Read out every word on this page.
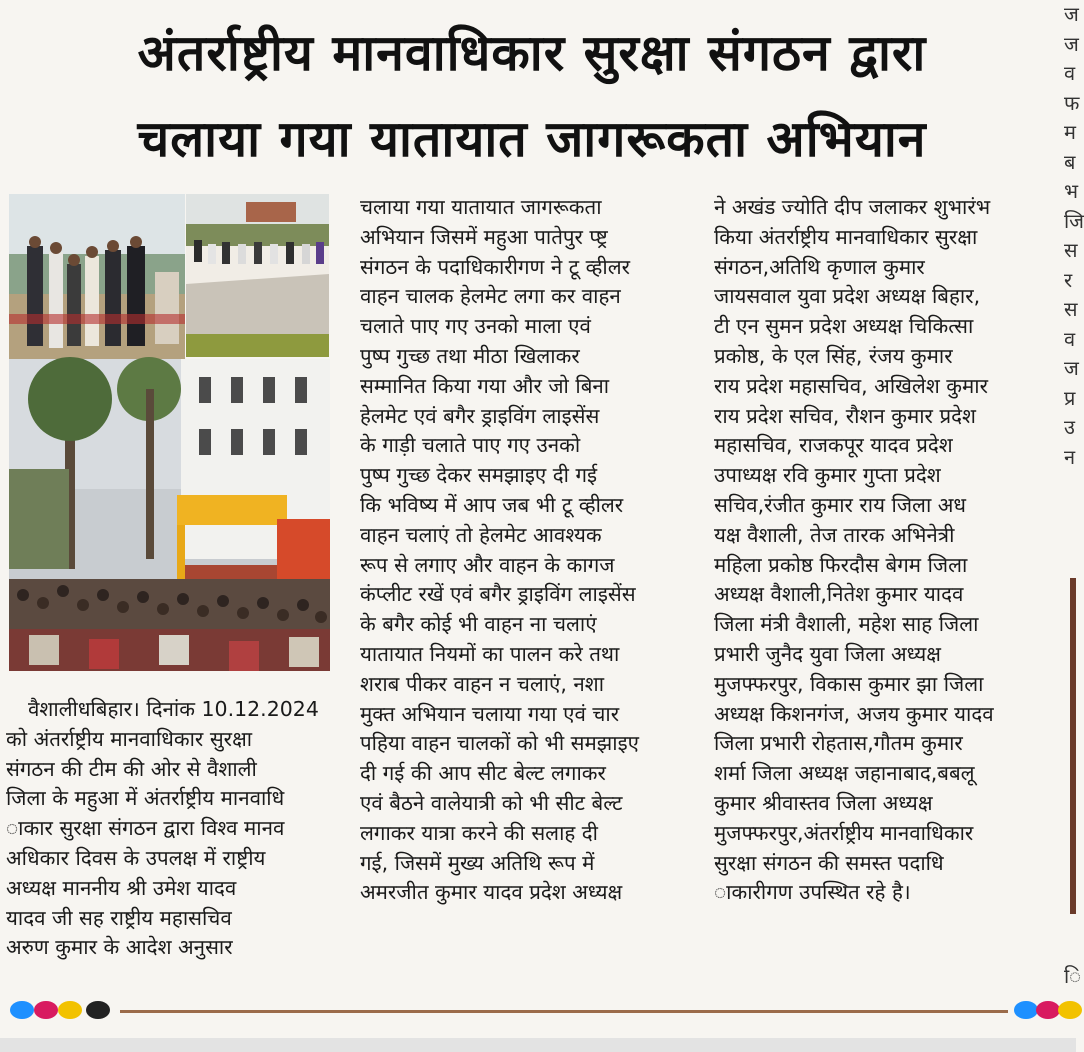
अंतर्राष्ट्रीय मानवाधिकार सुरक्षा संगठन द्वारा
चलाया गया यातायात जागरूकता अभियान

वैशालीधबिहार। दिनांक 10.12.2024

को अंतर्राष्ट्रीय मानवाधिकार सुरक्षा

संगठन की टीम की ओर से वैशाली

जिला के महुआ में अंतर्राष्ट्रीय मानवाधि

ाकार सुरक्षा संगठन द्वारा विश्व मानव

अधिकार दिवस के उपलक्ष में राष्ट्रीय

अध्यक्ष माननीय श्री उमेश यादव

यादव जी सह राष्ट्रीय महासचिव

अरुण कुमार के आदेश अनुसार

चलाया गया यातायात जागरूकता

अभियान जिसमें महुआ पातेपुर प्ष्ट्र

संगठन के पदाधिकारीगण ने टू व्हीलर

वाहन चालक हेलमेट लगा कर वाहन

चलाते पाए गए उनको माला एवं

पुष्प गुच्छ तथा मीठा खिलाकर

सम्मानित किया गया और जो बिना

हेलमेट एवं बगैर ड्राइविंग लाइसेंस

के गाड़ी चलाते पाए गए उनको

पुष्प गुच्छ देकर समझाइए दी गई

कि भविष्य में आप जब भी टू व्हीलर

वाहन चलाएं तो हेलमेट आवश्यक

रूप से लगाए और वाहन के कागज

कंप्लीट रखें एवं बगैर ड्राइविंग लाइसेंस

के बगैर कोई भी वाहन ना चलाएं

यातायात नियमों का पालन करे तथा

शराब पीकर वाहन न चलाएं, नशा

मुक्त अभियान चलाया गया एवं चार

पहिया वाहन चालकों को भी समझाइए

दी गई की आप सीट बेल्ट लगाकर

एवं बैठने वालेयात्री को भी सीट बेल्ट

लगाकर यात्रा करने की सलाह दी

गई, जिसमें मुख्य अतिथि रूप में

अमरजीत कुमार यादव प्रदेश अध्यक्ष

ने अखंड ज्योति दीप जलाकर शुभारंभ

किया अंतर्राष्ट्रीय मानवाधिकार सुरक्षा

संगठन,अतिथि कृणाल कुमार

जायसवाल युवा प्रदेश अध्यक्ष बिहार,

टी एन सुमन प्रदेश अध्यक्ष चिकित्सा

प्रकोष्ठ, के एल सिंह, रंजय कुमार

राय प्रदेश महासचिव, अखिलेश कुमार

राय प्रदेश सचिव, रौशन कुमार प्रदेश

महासचिव, राजकपूर यादव प्रदेश

उपाध्यक्ष रवि कुमार गुप्ता प्रदेश

सचिव,रंजीत कुमार राय जिला अध

यक्ष वैशाली, तेज तारक अभिनेत्री

महिला प्रकोष्ठ फिरदौस बेगम जिला

अध्यक्ष वैशाली,नितेश कुमार यादव

जिला मंत्री वैशाली, महेश साह जिला

प्रभारी जुनैद युवा जिला अध्यक्ष

मुजफ्फरपुर, विकास कुमार झा जिला

अध्यक्ष किशनगंज, अजय कुमार यादव

जिला प्रभारी रोहतास,गौतम कुमार

शर्मा जिला अध्यक्ष जहानाबाद,बबलू

कुमार श्रीवास्तव जिला अध्यक्ष

मुजफ्फरपुर,अंतर्राष्ट्रीय मानवाधिकार

सुरक्षा संगठन की समस्त पदाधि

ाकारीगण उपस्थित रहे है।

ज
ज
व
फ
म
ब
भ
जि
स
र
स
व
ज
प्र
उ
न
ि
